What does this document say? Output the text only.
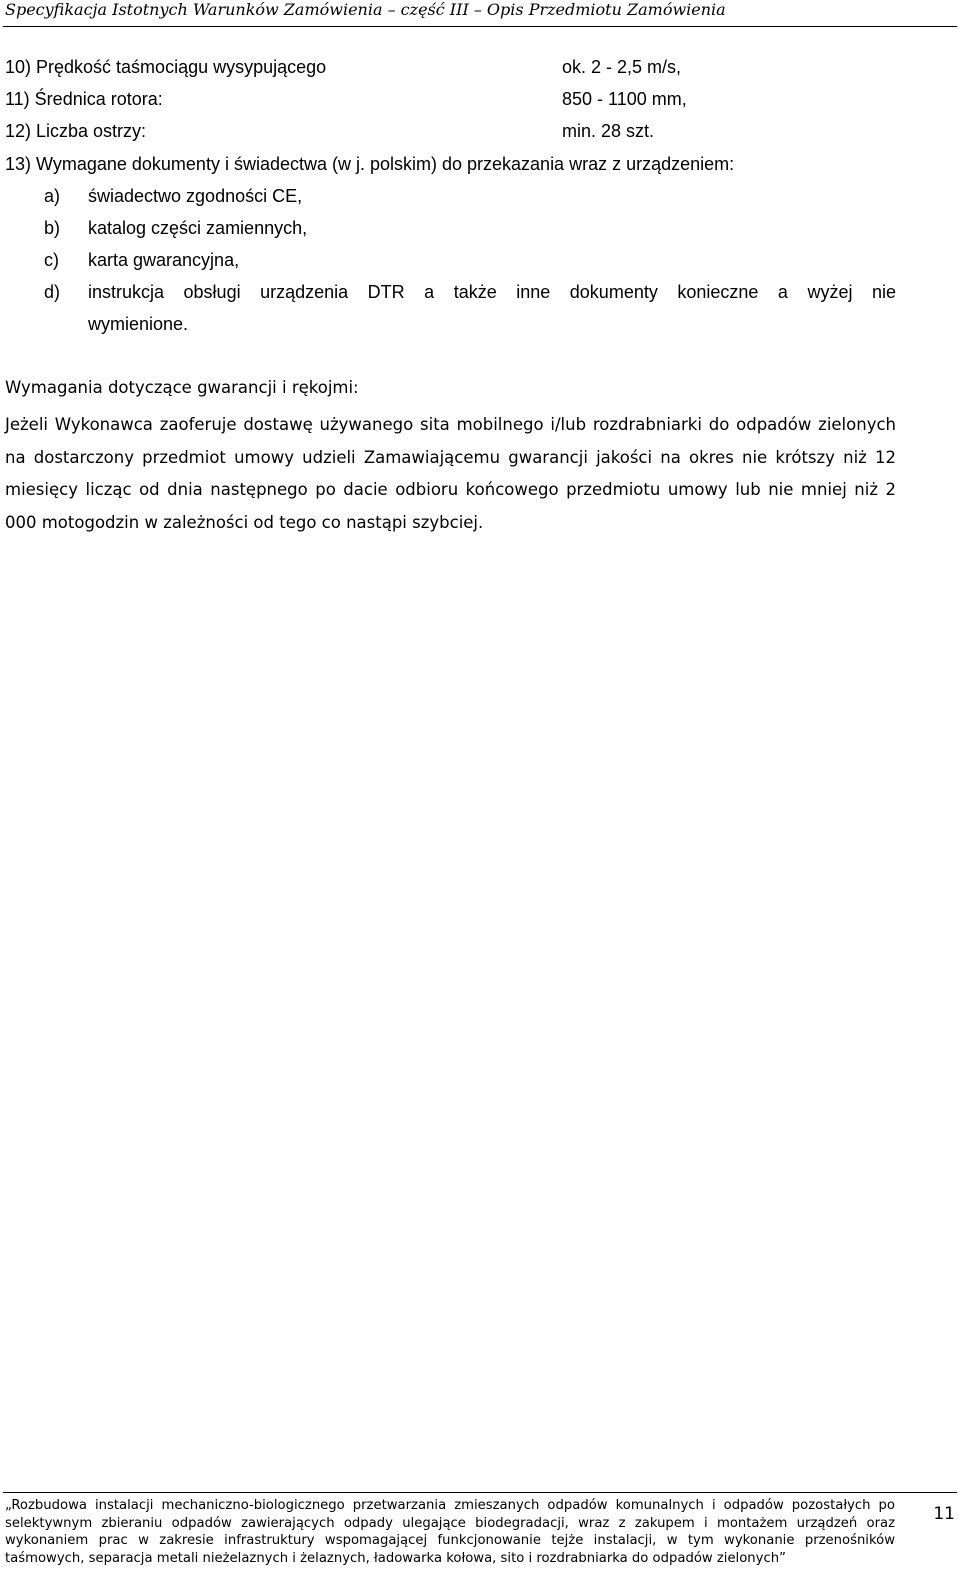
Specyfikacja Istotnych Warunków Zamówienia – część III – Opis Przedmiotu Zamówienia
10) Prędkość taśmociągu wysypującego	ok. 2 - 2,5 m/s,
11) Średnica rotora:	850 - 1100 mm,
12) Liczba ostrzy:	min. 28 szt.
13) Wymagane dokumenty i świadectwa (w j. polskim) do przekazania wraz z urządzeniem:
a) świadectwo zgodności CE,
b) katalog części zamiennych,
c) karta gwarancyjna,
d) instrukcja obsługi urządzenia DTR a także inne dokumenty konieczne a wyżej nie
wymienione.
Wymagania dotyczące gwarancji i rękojmi:
Jeżeli Wykonawca zaoferuje dostawę używanego sita mobilnego i/lub rozdrabniarki do odpadów zielonych na dostarczony przedmiot umowy udzieli Zamawiającemu gwarancji jakości na okres nie krótszy niż 12 miesięcy licząc od dnia następnego po dacie odbioru końcowego przedmiotu umowy lub nie mniej niż 2 000 motogodzin w zależności od tego co nastąpi szybciej.
„Rozbudowa instalacji mechaniczno-biologicznego przetwarzania zmieszanych odpadów komunalnych i odpadów pozostałych po selektywnym zbieraniu odpadów zawierających odpady ulegające biodegradacji, wraz z zakupem i montażem urządzeń oraz wykonaniem prac w zakresie infrastruktury wspomagającej funkcjonowanie tejże instalacji, w tym wykonanie przenośników taśmowych, separacja metali nieżelaznych i żelaznych, ładowarka kołowa, sito i rozdrabniarka do odpadów zielonych”
11
